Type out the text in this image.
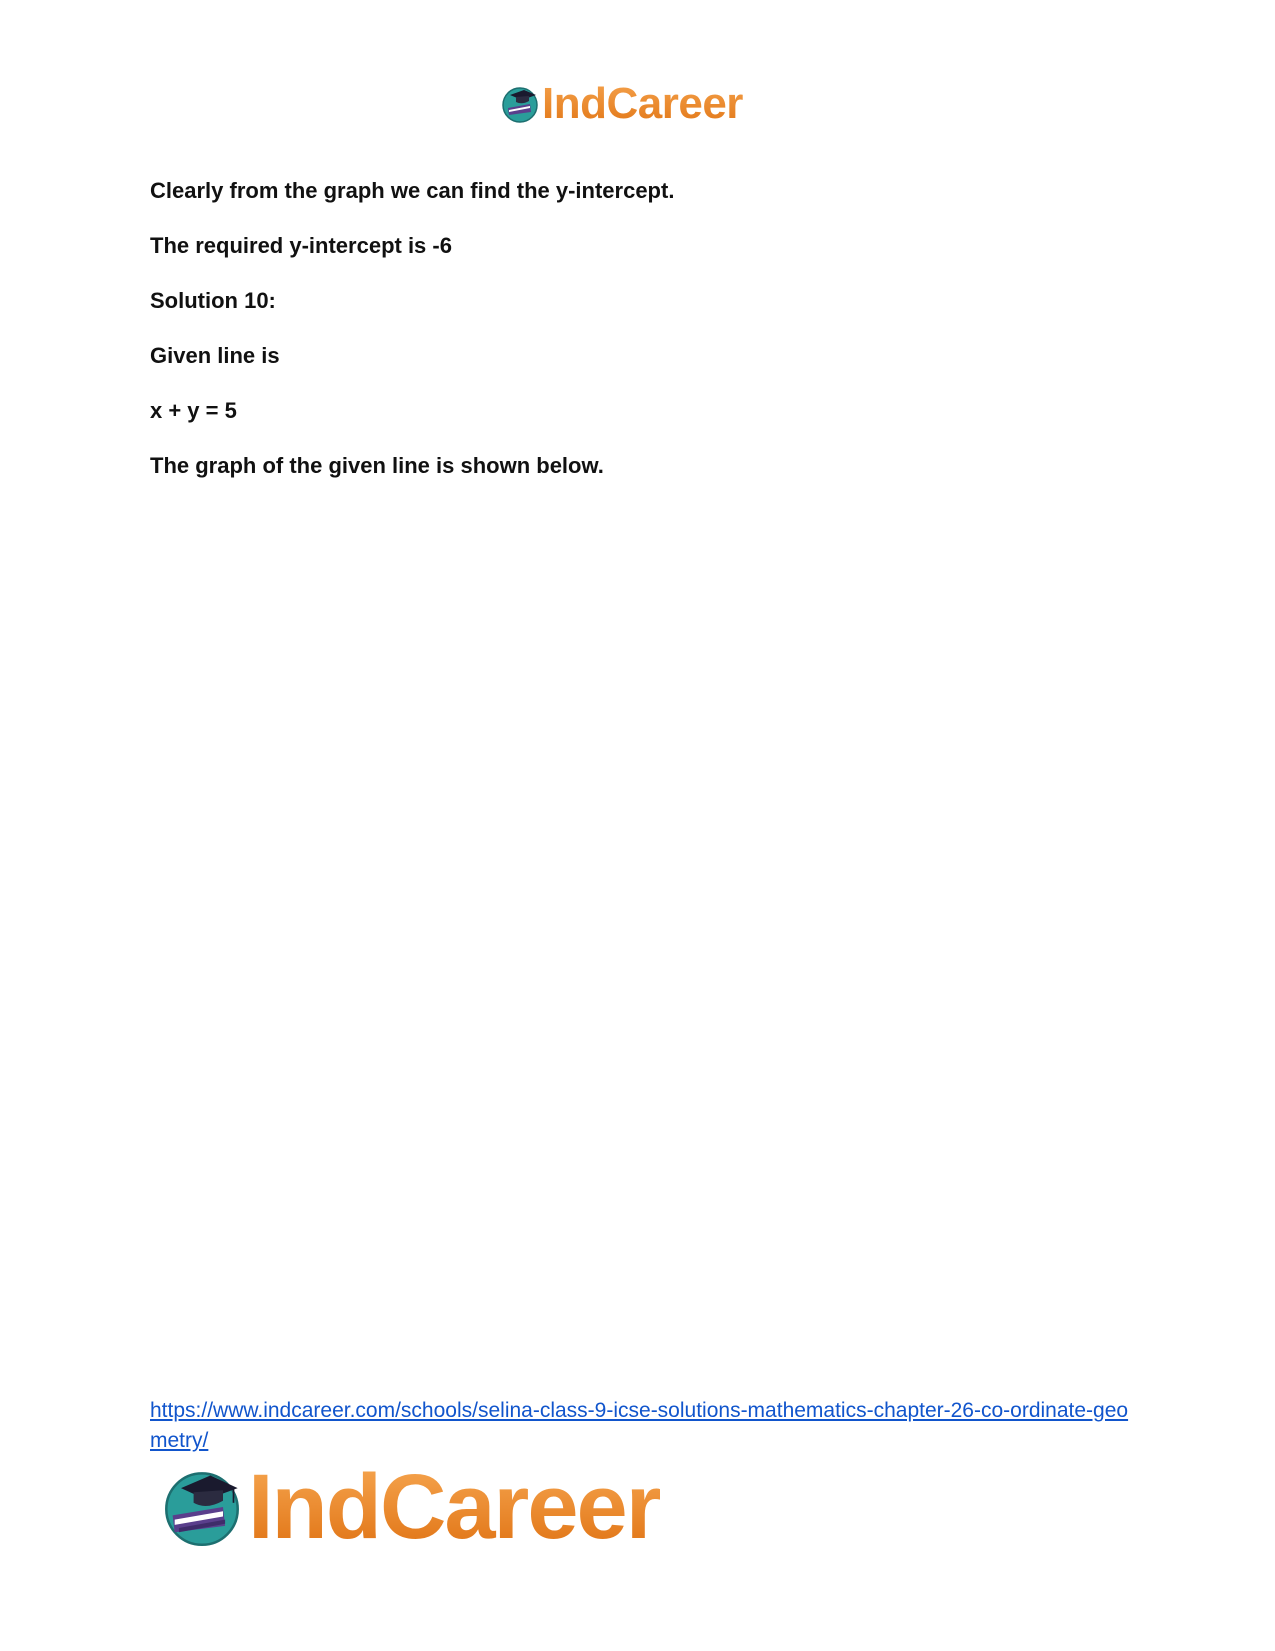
IndCareer

Clearly from the graph we can find the y-intercept.

The required y-intercept is -6

Solution 10:

Given line is

x + y = 5

The graph of the given line is shown below.

https://www.indcareer.com/schools/selina-class-9-icse-solutions-mathematics-chapter-26-co-ordinate-geometry/
IndCareer
